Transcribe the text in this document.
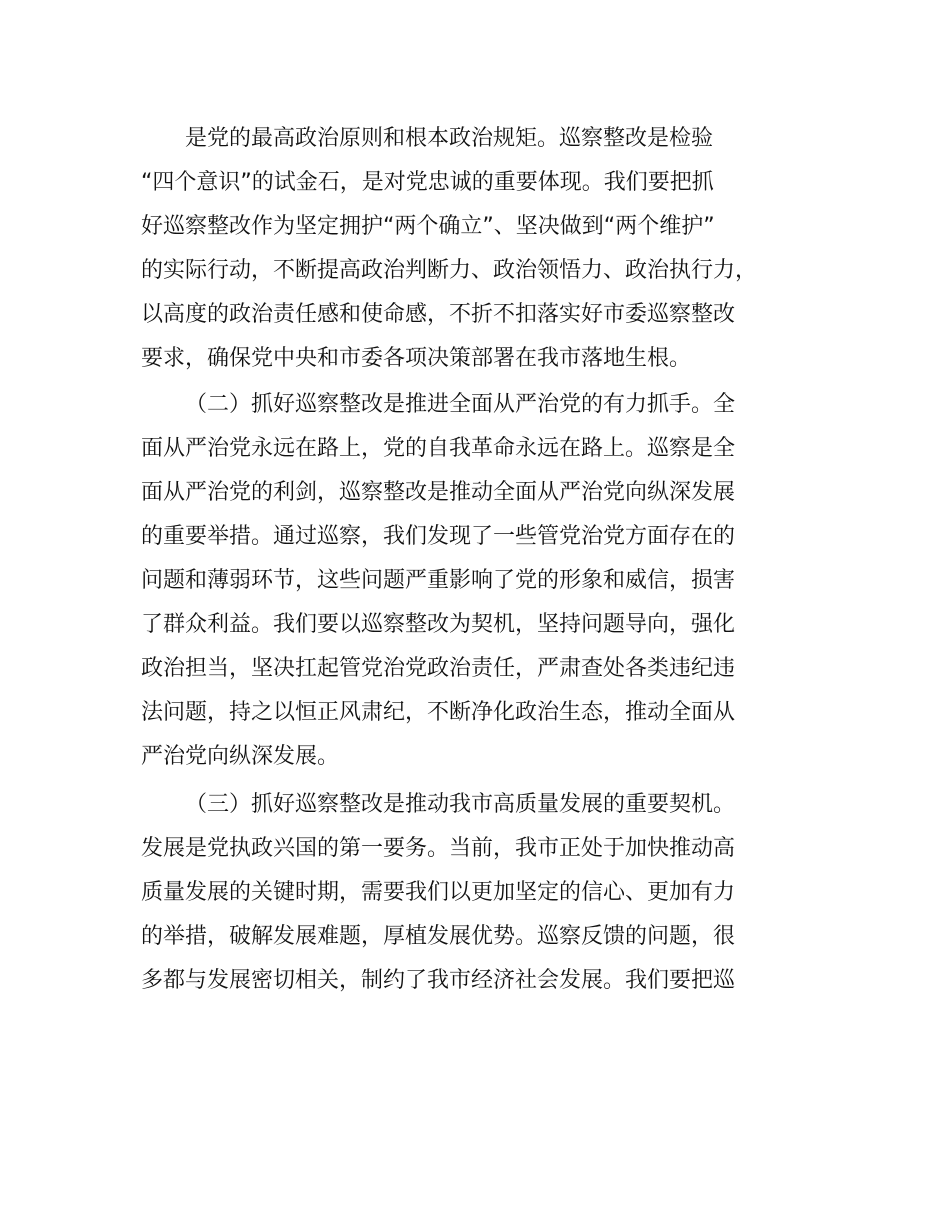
是党的最高政治原则和根本政治规矩。巡察整改是检验
“四个意识”的试金石，是对党忠诚的重要体现。我们要把抓
好巡察整改作为坚定拥护“两个确立”、坚决做到“两个维护”
的实际行动，不断提高政治判断力、政治领悟力、政治执行力，
以高度的政治责任感和使命感，不折不扣落实好市委巡察整改
要求，确保党中央和市委各项决策部署在我市落地生根。
（二）抓好巡察整改是推进全面从严治党的有力抓手。全
面从严治党永远在路上，党的自我革命永远在路上。巡察是全
面从严治党的利剑，巡察整改是推动全面从严治党向纵深发展
的重要举措。通过巡察，我们发现了一些管党治党方面存在的
问题和薄弱环节，这些问题严重影响了党的形象和威信，损害
了群众利益。我们要以巡察整改为契机，坚持问题导向，强化
政治担当，坚决扛起管党治党政治责任，严肃查处各类违纪违
法问题，持之以恒正风肃纪，不断净化政治生态，推动全面从
严治党向纵深发展。
（三）抓好巡察整改是推动我市高质量发展的重要契机。
发展是党执政兴国的第一要务。当前，我市正处于加快推动高
质量发展的关键时期，需要我们以更加坚定的信心、更加有力
的举措，破解发展难题，厚植发展优势。巡察反馈的问题，很
多都与发展密切相关，制约了我市经济社会发展。我们要把巡
